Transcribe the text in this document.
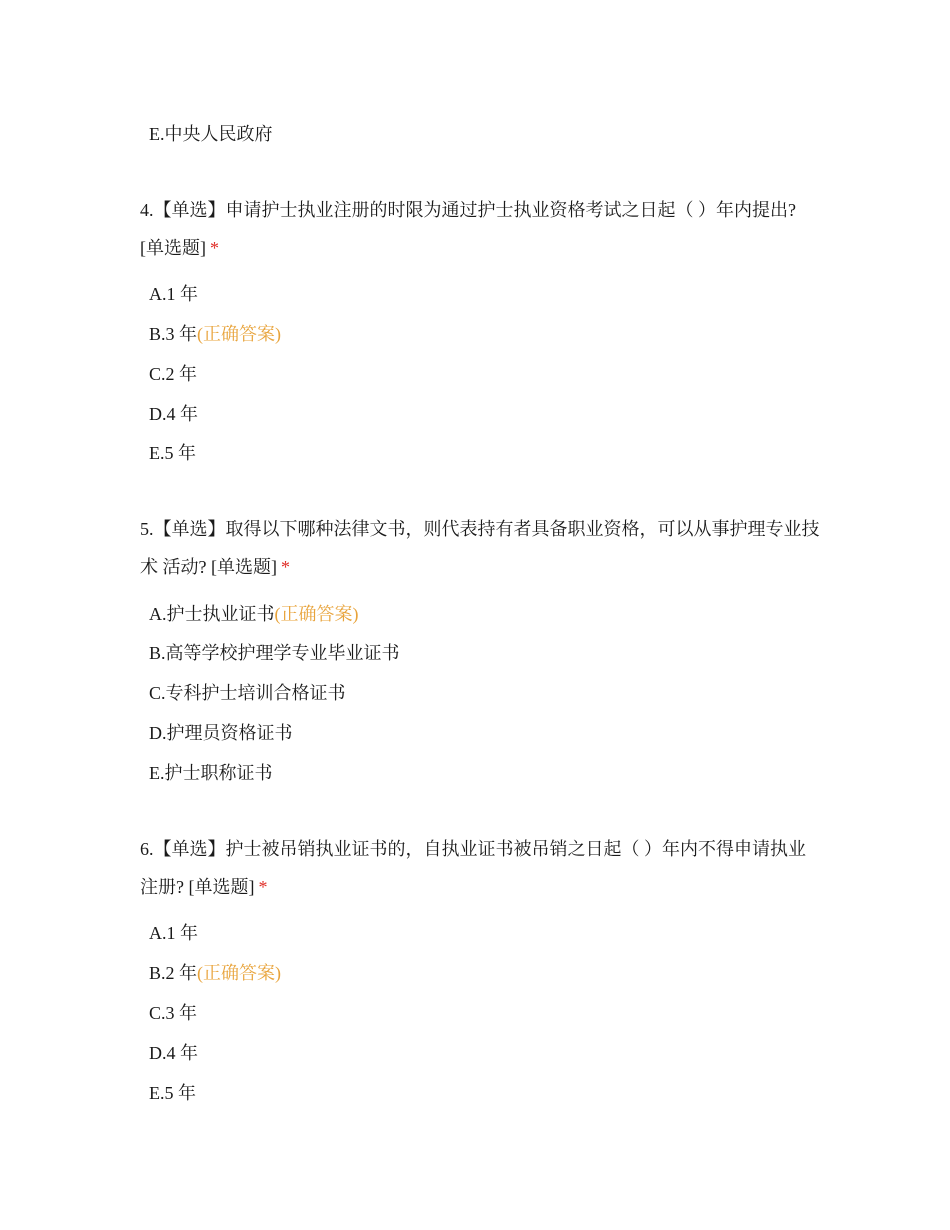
E.中央人民政府
4.【单选】申请护士执业注册的时限为通过护士执业资格考试之日起（ ）年内提出? [单选题] *
A.1 年
B.3 年(正确答案)
C.2 年
D.4 年
E.5 年
5.【单选】取得以下哪种法律文书，则代表持有者具备职业资格，可以从事护理专业技术 活动? [单选题] *
A.护士执业证书(正确答案)
B.高等学校护理学专业毕业证书
C.专科护士培训合格证书
D.护理员资格证书
E.护士职称证书
6.【单选】护士被吊销执业证书的，自执业证书被吊销之日起（ ）年内不得申请执业注册? [单选题] *
A.1 年
B.2 年(正确答案)
C.3 年
D.4 年
E.5 年
